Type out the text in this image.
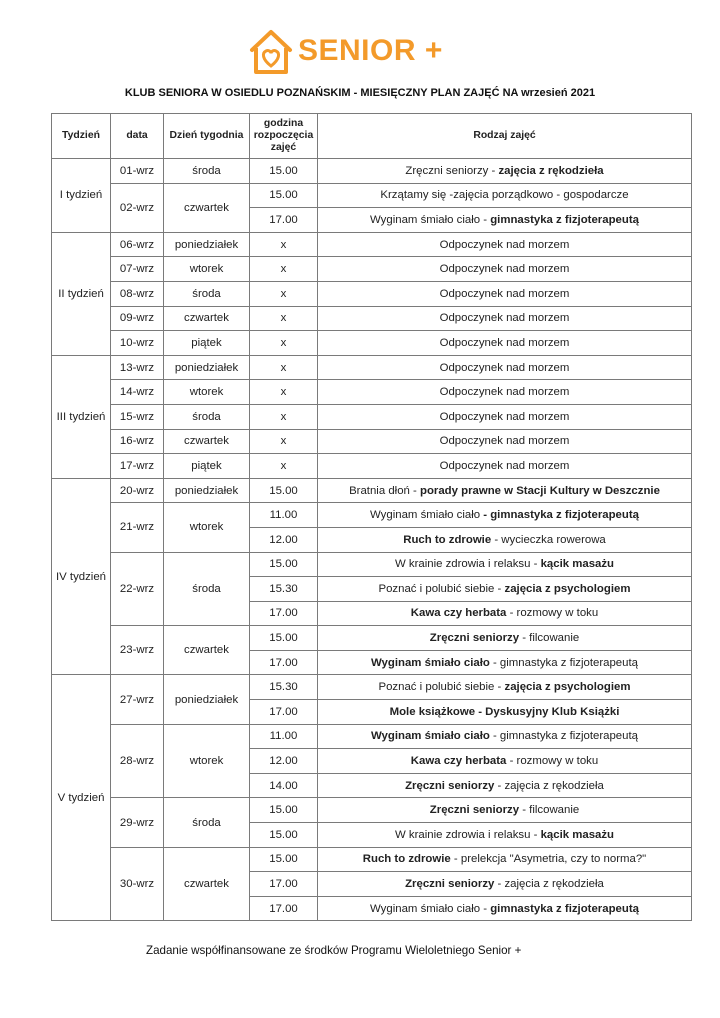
SENIOR +
KLUB SENIORA W OSIEDLU POZNAŃSKIM - MIESIĘCZNY PLAN ZAJĘĆ NA wrzesień 2021
Tydzień	data	Dzień tygodnia	godzina rozpoczęcia zajęć	Rodzaj zajęć
I tydzień	01-wrz	środa	15.00	Zręczni seniorzy - zajęcia z rękodzieła
	02-wrz	czwartek	15.00	Krzątamy się -zajęcia porządkowo - gospodarcze
			17.00	Wyginam śmiało ciało - gimnastyka z fizjoterapeutą
II tydzień	06-wrz	poniedziałek	x	Odpoczynek nad morzem
	07-wrz	wtorek	x	Odpoczynek nad morzem
	08-wrz	środa	x	Odpoczynek nad morzem
	09-wrz	czwartek	x	Odpoczynek nad morzem
	10-wrz	piątek	x	Odpoczynek nad morzem
III tydzień	13-wrz	poniedziałek	x	Odpoczynek nad morzem
	14-wrz	wtorek	x	Odpoczynek nad morzem
	15-wrz	środa	x	Odpoczynek nad morzem
	16-wrz	czwartek	x	Odpoczynek nad morzem
	17-wrz	piątek	x	Odpoczynek nad morzem
IV tydzień	20-wrz	poniedziałek	15.00	Bratnia dłoń - porady prawne w Stacji Kultury w Deszcznie
	21-wrz	wtorek	11.00	Wyginam śmiało ciało - gimnastyka z fizjoterapeutą
			12.00	Ruch to zdrowie - wycieczka rowerowa
	22-wrz	środa	15.00	W krainie zdrowia i relaksu - kącik masażu
			15.30	Poznać i polubić siebie - zajęcia z psychologiem
			17.00	Kawa czy herbata - rozmowy w toku
	23-wrz	czwartek	15.00	Zręczni seniorzy - filcowanie
			17.00	Wyginam śmiało ciało - gimnastyka z fizjoterapeutą
V tydzień	27-wrz	poniedziałek	15.30	Poznać i polubić siebie - zajęcia z psychologiem
			17.00	Mole książkowe - Dyskusyjny Klub Książki
	28-wrz	wtorek	11.00	Wyginam śmiało ciało - gimnastyka z fizjoterapeutą
			12.00	Kawa czy herbata - rozmowy w toku
			14.00	Zręczni seniorzy - zajęcia z rękodzieła
	29-wrz	środa	15.00	Zręczni seniorzy - filcowanie
			15.00	W krainie zdrowia i relaksu - kącik masażu
	30-wrz	czwartek	15.00	Ruch to zdrowie - prelekcja "Asymetria, czy to norma?"
			17.00	Zręczni seniorzy - zajęcia z rękodzieła
			17.00	Wyginam śmiało ciało - gimnastyka z fizjoterapeutą
Zadanie współfinansowane ze środków Programu Wieloletniego Senior +
